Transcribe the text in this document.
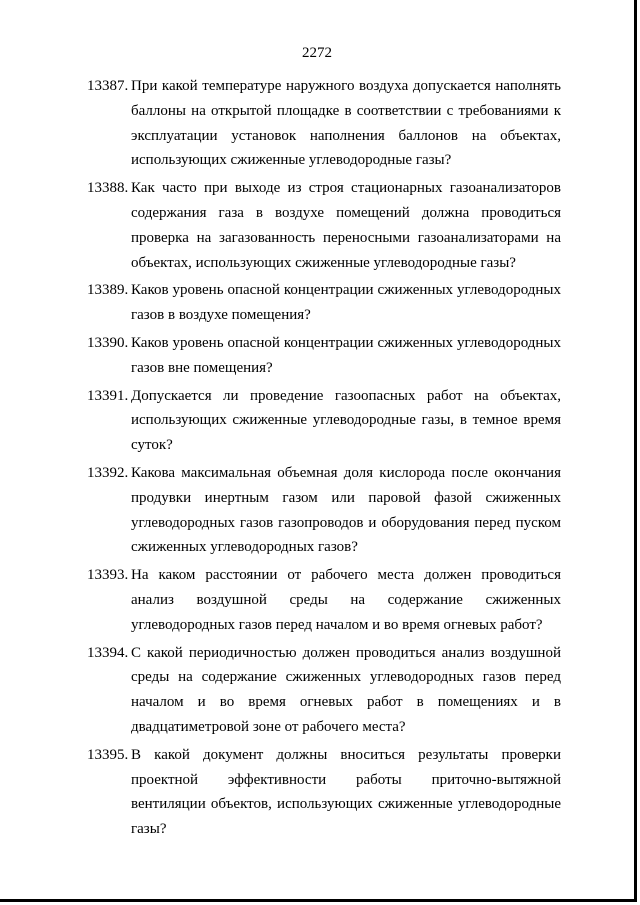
2272
13387. При какой температуре наружного воздуха допускается наполнять баллоны на открытой площадке в соответствии с требованиями к эксплуатации установок наполнения баллонов на объектах, использующих сжиженные углеводородные газы?
13388. Как часто при выходе из строя стационарных газоанализаторов содержания газа в воздухе помещений должна проводиться проверка на загазованность переносными газоанализаторами на объектах, использующих сжиженные углеводородные газы?
13389. Каков уровень опасной концентрации сжиженных углеводородных газов в воздухе помещения?
13390. Каков уровень опасной концентрации сжиженных углеводородных газов вне помещения?
13391. Допускается ли проведение газоопасных работ на объектах, использующих сжиженные углеводородные газы, в темное время суток?
13392. Какова максимальная объемная доля кислорода после окончания продувки инертным газом или паровой фазой сжиженных углеводородных газов газопроводов и оборудования перед пуском сжиженных углеводородных газов?
13393. На каком расстоянии от рабочего места должен проводиться анализ воздушной среды на содержание сжиженных углеводородных газов перед началом и во время огневых работ?
13394. С какой периодичностью должен проводиться анализ воздушной среды на содержание сжиженных углеводородных газов перед началом и во время огневых работ в помещениях и в двадцатиметровой зоне от рабочего места?
13395. В какой документ должны вноситься результаты проверки проектной эффективности работы приточно-вытяжной вентиляции объектов, использующих сжиженные углеводородные газы?
